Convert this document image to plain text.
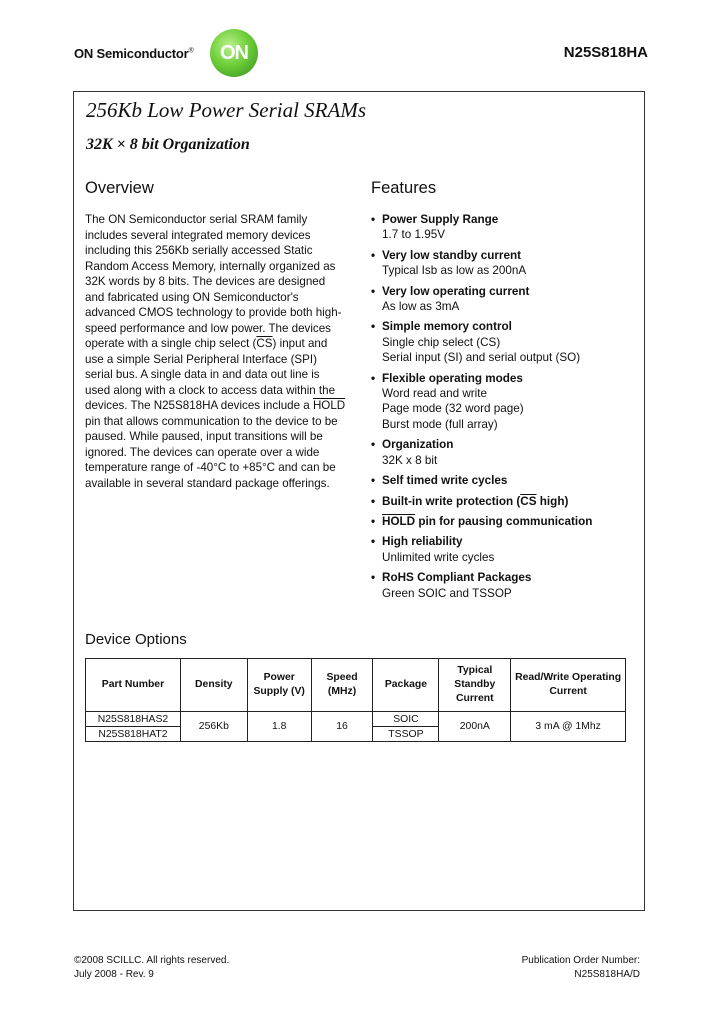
ON Semiconductor® ON	N25S818HA
256Kb Low Power Serial SRAMs
32K × 8 bit Organization
Overview

The ON Semiconductor serial SRAM family includes several integrated memory devices including this 256Kb serially accessed Static Random Access Memory, internally organized as 32K words by 8 bits. The devices are designed and fabricated using ON Semiconductor's advanced CMOS technology to provide both high-speed performance and low power. The devices operate with a single chip select $(\overline{CS})$ input and use a simple Serial Peripheral Interface (SPI) serial bus. A single data in and data out line is used along with a clock to access data within the devices. The N25S818HA devices include a HOLD pin that allows communication to the device to be paused. While paused, input transitions will be ignored. The devices can operate over a wide temperature range of -40°C to +85°C and can be available in several standard package offerings.

Features
• Power Supply Range
1.7 to 1.95V
• Very low standby current
Typical Isb as low as 200nA
• Very low operating current
As low as 3mA
• Simple memory control
Single chip select (CS)
Serial input (SI) and serial output (SO)
• Flexible operating modes
Word read and write
Page mode (32 word page)
Burst mode (full array)
• Organization
32K x 8 bit
• Self timed write cycles
• Built-in write protection ($\overline{CS}$ high)
• HOLD pin for pausing communication
• High reliability
Unlimited write cycles
• RoHS Compliant Packages
Green SOIC and TSSOP
Device Options
Part Number	Density	Power Supply (V)	Speed (MHz)	Package	Typical Standby Current	Read/Write Operating Current
N25S818HAS2	256Kb	1.8	16	SOIC	200nA	3 mA @ 1Mhz
N25S818HAT2				TSSOP		
©2008 SCILLC. All rights reserved.
July 2008 - Rev. 9
Publication Order Number:
N25S818HA/D
